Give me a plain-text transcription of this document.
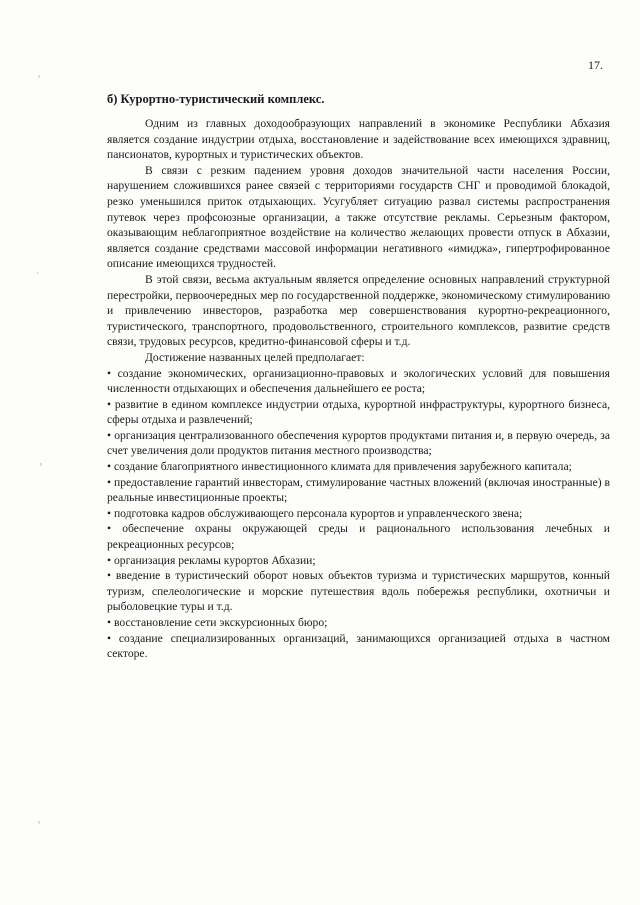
17.
б) Курортно-туристический комплекс.

Одним из главных доходообразующих направлений в экономике Республики Абхазия является создание индустрии отдыха, восстановление и задействование всех имеющихся здравниц, пансионатов, курортных и туристических объектов.

В связи с резким падением уровня доходов значительной части населения России, нарушением сложившихся ранее связей с территориями государств СНГ и проводимой блокадой, резко уменьшился приток отдыхающих. Усугубляет ситуацию развал системы распространения путевок через профсоюзные организации, а также отсутствие рекламы. Серьезным фактором, оказывающим неблагоприятное воздействие на количество желающих провести отпуск в Абхазии, является создание средствами массовой информации негативного «имиджа», гипертрофированное описание имеющихся трудностей.

В этой связи, весьма актуальным является определение основных направлений структурной перестройки, первоочередных мер по государственной поддержке, экономическому стимулированию и привлечению инвесторов, разработка мер совершенствования курортно-рекреационного, туристического, транспортного, продовольственного, строительного комплексов, развитие средств связи, трудовых ресурсов, кредитно-финансовой сферы и т.д.

Достижение названных целей предполагает:

• создание экономических, организационно-правовых и экологических условий для повышения численности отдыхающих и обеспечения дальнейшего ее роста;
• развитие в едином комплексе индустрии отдыха, курортной инфраструктуры, курортного бизнеса, сферы отдыха и развлечений;
• организация централизованного обеспечения курортов продуктами питания и, в первую очередь, за счет увеличения доли продуктов питания местного производства;
• создание благоприятного инвестиционного климата для привлечения зарубежного капитала;
• предоставление гарантий инвесторам, стимулирование частных вложений (включая иностранные) в реальные инвестиционные проекты;
• подготовка кадров обслуживающего персонала курортов и управленческого звена;
• обеспечение охраны окружающей среды и рационального использования лечебных и рекреационных ресурсов;
• организация рекламы курортов Абхазии;
• введение в туристический оборот новых объектов туризма и туристических маршрутов, конный туризм, спелеологические и морские путешествия вдоль побережья республики, охотничьи и рыболовецкие туры и т.д.
• восстановление сети экскурсионных бюро;
• создание специализированных организаций, занимающихся организацией отдыха в частном секторе.
ˢ
·
ˢ
ˢ
